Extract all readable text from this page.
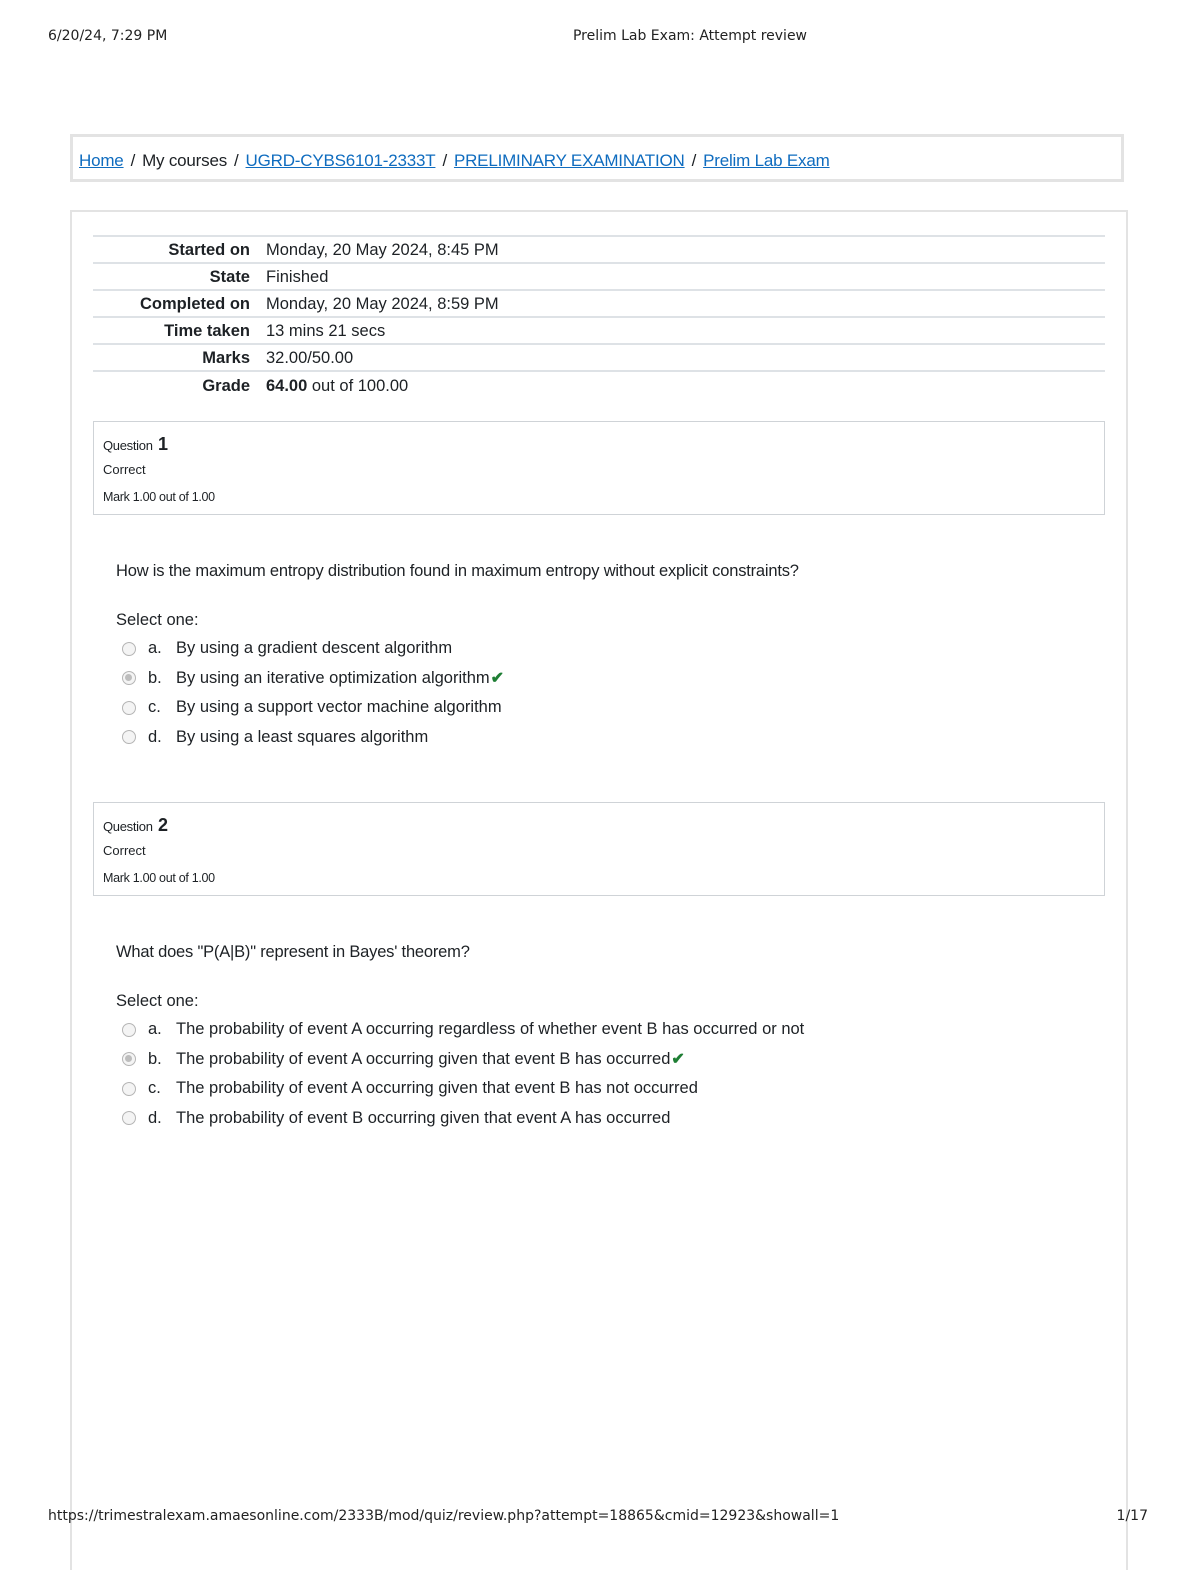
6/20/24, 7:29 PM	Prelim Lab Exam: Attempt review
Home / My courses / UGRD-CYBS6101-2333T / PRELIMINARY EXAMINATION / Prelim Lab Exam
Started on	Monday, 20 May 2024, 8:45 PM
State	Finished
Completed on	Monday, 20 May 2024, 8:59 PM
Time taken	13 mins 21 secs
Marks	32.00/50.00
Grade	64.00 out of 100.00
Question 1
Correct
Mark 1.00 out of 1.00
How is the maximum entropy distribution found in maximum entropy without explicit constraints?
Select one:
a. By using a gradient descent algorithm
b. By using an iterative optimization algorithm ✔
c. By using a support vector machine algorithm
d. By using a least squares algorithm
Question 2
Correct
Mark 1.00 out of 1.00
What does "P(A|B)" represent in Bayes' theorem?
Select one:
a. The probability of event A occurring regardless of whether event B has occurred or not
b. The probability of event A occurring given that event B has occurred ✔
c. The probability of event A occurring given that event B has not occurred
d. The probability of event B occurring given that event A has occurred
https://trimestralexam.amaesonline.com/2333B/mod/quiz/review.php?attempt=18865&cmid=12923&showall=1	1/17
